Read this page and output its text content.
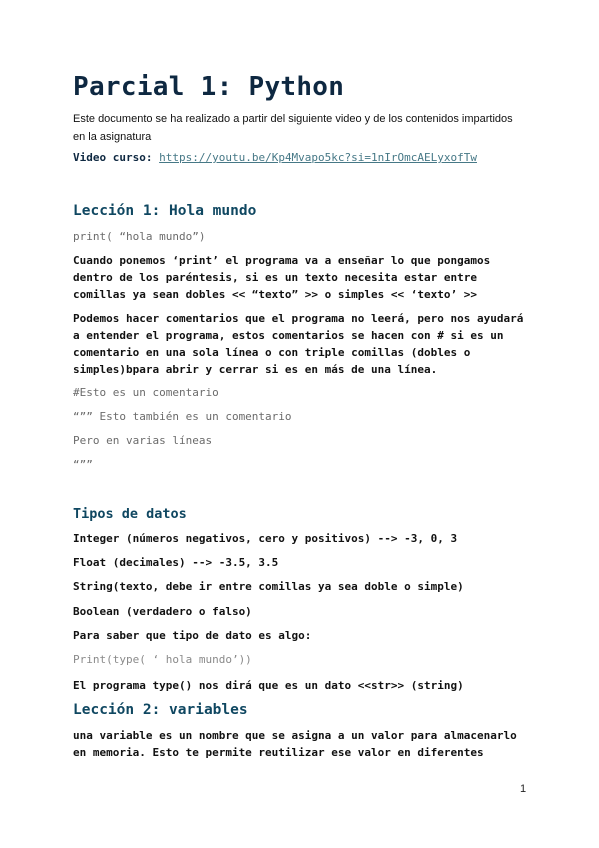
Parcial 1: Python
Este documento se ha realizado a partir del siguiente video y de los contenidos impartidos en la asignatura
Video curso: https://youtu.be/Kp4Mvapo5kc?si=1nIrOmcAELyxofTw
Lección 1: Hola mundo
print( “hola mundo”)
Cuando ponemos ‘print’ el programa va a enseñar lo que pongamos
dentro de los paréntesis, si es un texto necesita estar entre
comillas ya sean dobles << “texto” >> o simples << ‘texto’ >>
Podemos hacer comentarios que el programa no leerá, pero nos ayudará
a entender el programa, estos comentarios se hacen con # si es un
comentario en una sola línea o con triple comillas (dobles o
simples)bpara abrir y cerrar si es en más de una línea.
#Esto es un comentario
“”” Esto también es un comentario
Pero en varias líneas
“””
Tipos de datos
Integer (números negativos, cero y positivos) --> -3, 0, 3
Float (decimales) --> -3.5, 3.5
String(texto, debe ir entre comillas ya sea doble o simple)
Boolean (verdadero o falso)
Para saber que tipo de dato es algo:
Print(type( ‘ hola mundo’))
El programa type() nos dirá que es un dato <<str>> (string)
Lección 2: variables
una variable es un nombre que se asigna a un valor para almacenarlo
en memoria. Esto te permite reutilizar ese valor en diferentes
1
